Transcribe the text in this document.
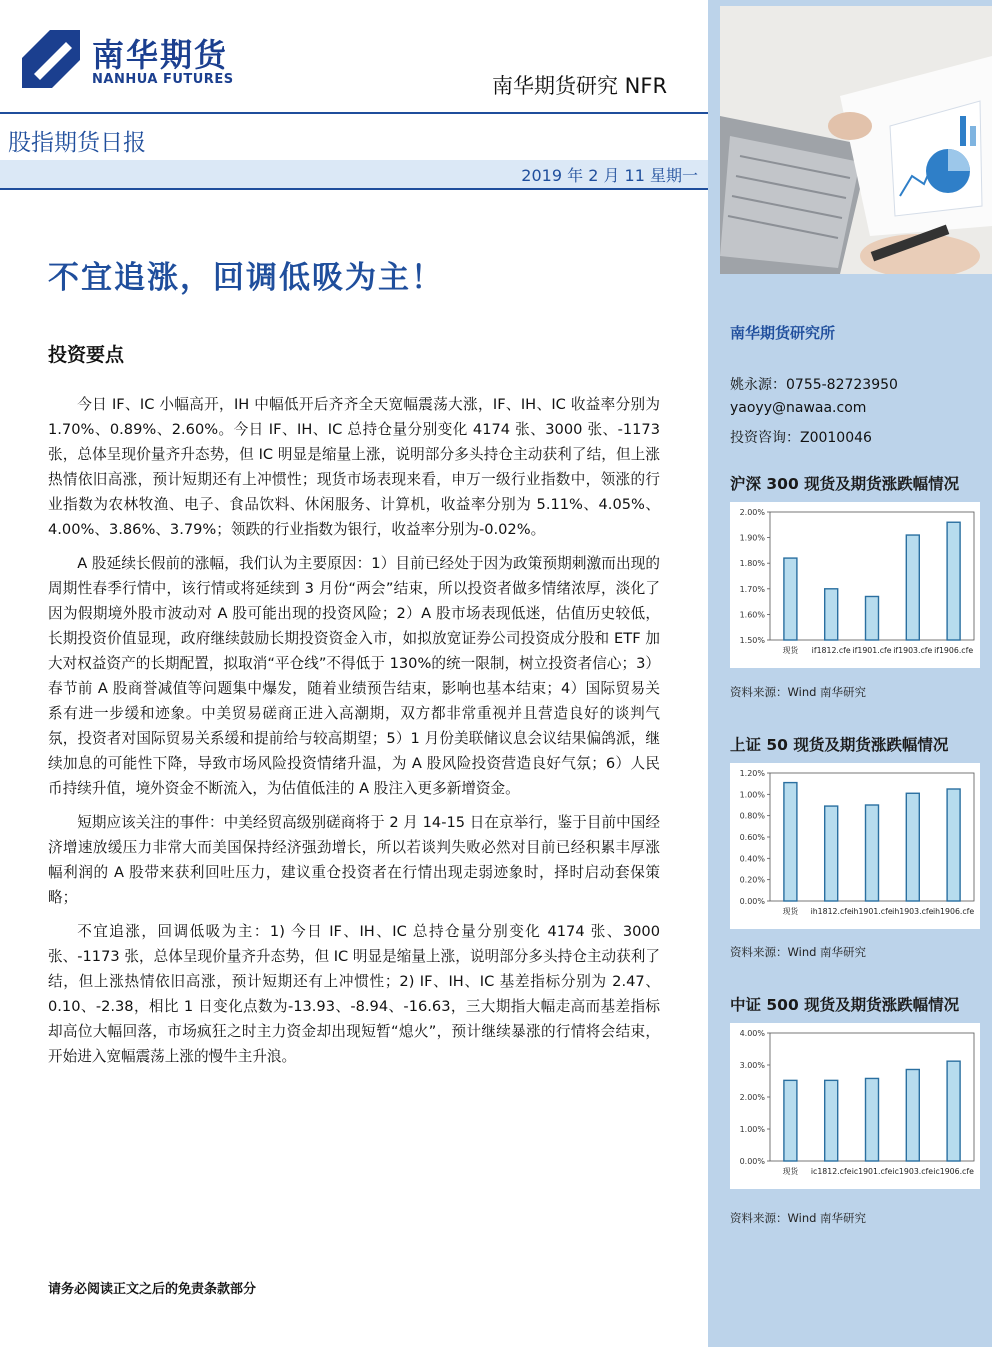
南华期货
NANHUA FUTURES	南华期货研究 NFR
股指期货日报
2019 年 2 月 11 星期一
不宜追涨，回调低吸为主！
投资要点

今日 IF、IC 小幅高开，IH 中幅低开后齐齐全天宽幅震荡大涨，IF、IH、IC 收益率分别为 1.70%、0.89%、2.60%。今日 IF、IH、IC 总持仓量分别变化 4174 张、3000 张、-1173 张，总体呈现价量齐升态势，但 IC 明显是缩量上涨，说明部分多头持仓主动获利了结，但上涨热情依旧高涨，预计短期还有上冲惯性；现货市场表现来看，申万一级行业指数中，领涨的行业指数为农林牧渔、电子、食品饮料、休闲服务、计算机，收益率分别为 5.11%、4.05%、4.00%、3.86%、3.79%；领跌的行业指数为银行，收益率分别为-0.02%。

A 股延续长假前的涨幅，我们认为主要原因：1）目前已经处于因为政策预期刺激而出现的周期性春季行情中，该行情或将延续到 3 月份“两会”结束，所以投资者做多情绪浓厚，淡化了因为假期境外股市波动对 A 股可能出现的投资风险；2）A 股市场表现低迷，估值历史较低，长期投资价值显现，政府继续鼓励长期投资资金入市，如拟放宽证券公司投资成分股和 ETF 加大对权益资产的长期配置，拟取消“平仓线”不得低于 130%的统一限制，树立投资者信心；3）春节前 A 股商誉减值等问题集中爆发，随着业绩预告结束，影响也基本结束；4）国际贸易关系有进一步缓和迹象。中美贸易磋商正进入高潮期，双方都非常重视并且营造良好的谈判气氛，投资者对国际贸易关系缓和提前给与较高期望；5）1 月份美联储议息会议结果偏鸽派，继续加息的可能性下降，导致市场风险投资情绪升温，为 A 股风险投资营造良好气氛；6）人民币持续升值，境外资金不断流入，为估值低洼的 A 股注入更多新增资金。

短期应该关注的事件：中美经贸高级别磋商将于 2 月 14-15 日在京举行，鉴于目前中国经济增速放缓压力非常大而美国保持经济强劲增长，所以若谈判失败必然对目前已经积累丰厚涨幅利润的 A 股带来获利回吐压力，建议重仓投资者在行情出现走弱迹象时，择时启动套保策略；

不宜追涨，回调低吸为主：1) 今日 IF、IH、IC 总持仓量分别变化 4174 张、3000 张、-1173 张，总体呈现价量齐升态势，但 IC 明显是缩量上涨，说明部分多头持仓主动获利了结，但上涨热情依旧高涨，预计短期还有上冲惯性；2) IF、IH、IC 基差指标分别为 2.47、0.10、-2.38，相比 1 日变化点数为-13.93、-8.94、-16.63，三大期指大幅走高而基差指标却高位大幅回落，市场疯狂之时主力资金却出现短暂“熄火”，预计继续暴涨的行情将会结束，开始进入宽幅震荡上涨的慢牛主升浪。

请务必阅读正文之后的免责条款部分
南华期货研究所
姚永源：0755-82723950
yaoyy@nawaa.com
投资咨询：Z0010046
沪深 300 现货及期货涨跌幅情况
1.50%
1.60%
1.70%
1.80%
1.90%
2.00%
现货 if1812.cfe if1901.cfe if1903.cfe if1906.cfe
资料来源：Wind 南华研究
上证 50 现货及期货涨跌幅情况
0.00%
0.20%
0.40%
0.60%
0.80%
1.00%
1.20%
现货 ih1812.cfe ih1901.cfe ih1903.cfe ih1906.cfe
资料来源：Wind 南华研究
中证 500 现货及期货涨跌幅情况
0.00%
1.00%
2.00%
3.00%
4.00%
现货 ic1812.cfe ic1901.cfe ic1903.cfe ic1906.cfe
资料来源：Wind 南华研究
